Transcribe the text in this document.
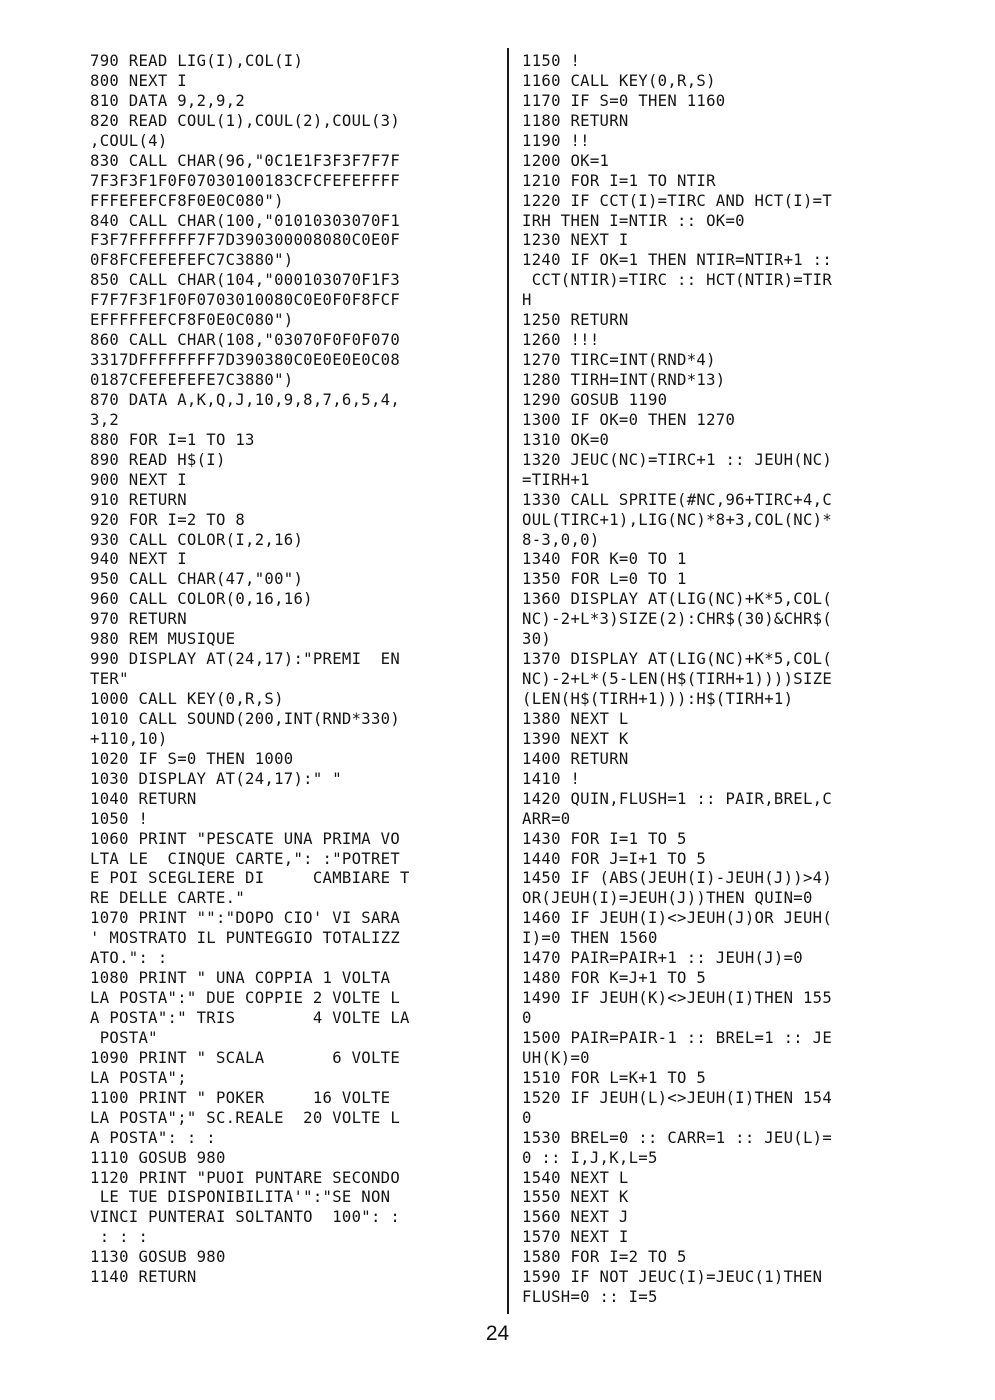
790 READ LIG(I),COL(I)
800 NEXT I
810 DATA 9,2,9,2
820 READ COUL(1),COUL(2),COUL(3)
,COUL(4)
830 CALL CHAR(96,"0C1E1F3F3F7F7F
7F3F3F1F0F07030100183CFCFEFEFFFF
FFFEFEFCF8F0E0C080")
840 CALL CHAR(100,"01010303070F1
F3F7FFFFFFF7F7D390300008080C0E0F
0F8FCFEFEFEFC7C3880")
850 CALL CHAR(104,"000103070F1F3
F7F7F3F1F0F0703010080C0E0F0F8FCF
EFFFFFEFCF8F0E0C080")
860 CALL CHAR(108,"03070F0F0F070
3317DFFFFFFFF7D390380C0E0E0E0C08
0187CFEFEFEFE7C3880")
870 DATA A,K,Q,J,10,9,8,7,6,5,4,
3,2
880 FOR I=1 TO 13
890 READ H$(I)
900 NEXT I
910 RETURN
920 FOR I=2 TO 8
930 CALL COLOR(I,2,16)
940 NEXT I
950 CALL CHAR(47,"00")
960 CALL COLOR(0,16,16)
970 RETURN
980 REM MUSIQUE
990 DISPLAY AT(24,17):"PREMI  EN
TER"
1000 CALL KEY(0,R,S)
1010 CALL SOUND(200,INT(RND*330)
+110,10)
1020 IF S=0 THEN 1000
1030 DISPLAY AT(24,17):" "
1040 RETURN
1050 !
1060 PRINT "PESCATE UNA PRIMA VO
LTA LE  CINQUE CARTE,": :"POTRET
E POI SCEGLIERE DI     CAMBIARE T
RE DELLE CARTE."
1070 PRINT "":"DOPO CIO' VI SARA
' MOSTRATO IL PUNTEGGIO TOTALIZZ
ATO.": :
1080 PRINT " UNA COPPIA 1 VOLTA
LA POSTA":" DUE COPPIE 2 VOLTE L
A POSTA":" TRIS        4 VOLTE LA
POSTA"
1090 PRINT " SCALA       6 VOLTE
LA POSTA";
1100 PRINT " POKER     16 VOLTE
LA POSTA";" SC.REALE  20 VOLTE L
A POSTA": : :
1110 GOSUB 980
1120 PRINT "PUOI PUNTARE SECONDO
LE TUE DISPONIBILITA'":"SE NON
VINCI PUNTERAI SOLTANTO  100": :
: : :
1130 GOSUB 980
1140 RETURN
1150 !
1160 CALL KEY(0,R,S)
1170 IF S=0 THEN 1160
1180 RETURN
1190 !!
1200 OK=1
1210 FOR I=1 TO NTIR
1220 IF CCT(I)=TIRC AND HCT(I)=T
IRH THEN I=NTIR :: OK=0
1230 NEXT I
1240 IF OK=1 THEN NTIR=NTIR+1 ::
CCT(NTIR)=TIRC :: HCT(NTIR)=TIR
H
1250 RETURN
1260 !!!
1270 TIRC=INT(RND*4)
1280 TIRH=INT(RND*13)
1290 GOSUB 1190
1300 IF OK=0 THEN 1270
1310 OK=0
1320 JEUC(NC)=TIRC+1 :: JEUH(NC)
=TIRH+1
1330 CALL SPRITE(#NC,96+TIRC+4,C
OUL(TIRC+1),LIG(NC)*8+3,COL(NC)*
8-3,0,0)
1340 FOR K=0 TO 1
1350 FOR L=0 TO 1
1360 DISPLAY AT(LIG(NC)+K*5,COL(
NC)-2+L*3)SIZE(2):CHR$(30)&CHR$(
30)
1370 DISPLAY AT(LIG(NC)+K*5,COL(
NC)-2+L*(5-LEN(H$(TIRH+1))))SIZE
(LEN(H$(TIRH+1))):H$(TIRH+1)
1380 NEXT L
1390 NEXT K
1400 RETURN
1410 !
1420 QUIN,FLUSH=1 :: PAIR,BREL,C
ARR=0
1430 FOR I=1 TO 5
1440 FOR J=I+1 TO 5
1450 IF (ABS(JEUH(I)-JEUH(J))>4)
OR(JEUH(I)=JEUH(J))THEN QUIN=0
1460 IF JEUH(I)<>JEUH(J)OR JEUH(
I)=0 THEN 1560
1470 PAIR=PAIR+1 :: JEUH(J)=0
1480 FOR K=J+1 TO 5
1490 IF JEUH(K)<>JEUH(I)THEN 155
0
1500 PAIR=PAIR-1 :: BREL=1 :: JE
UH(K)=0
1510 FOR L=K+1 TO 5
1520 IF JEUH(L)<>JEUH(I)THEN 154
0
1530 BREL=0 :: CARR=1 :: JEU(L)=
0 :: I,J,K,L=5
1540 NEXT L
1550 NEXT K
1560 NEXT J
1570 NEXT I
1580 FOR I=2 TO 5
1590 IF NOT JEUC(I)=JEUC(1)THEN
FLUSH=0 :: I=5
24
